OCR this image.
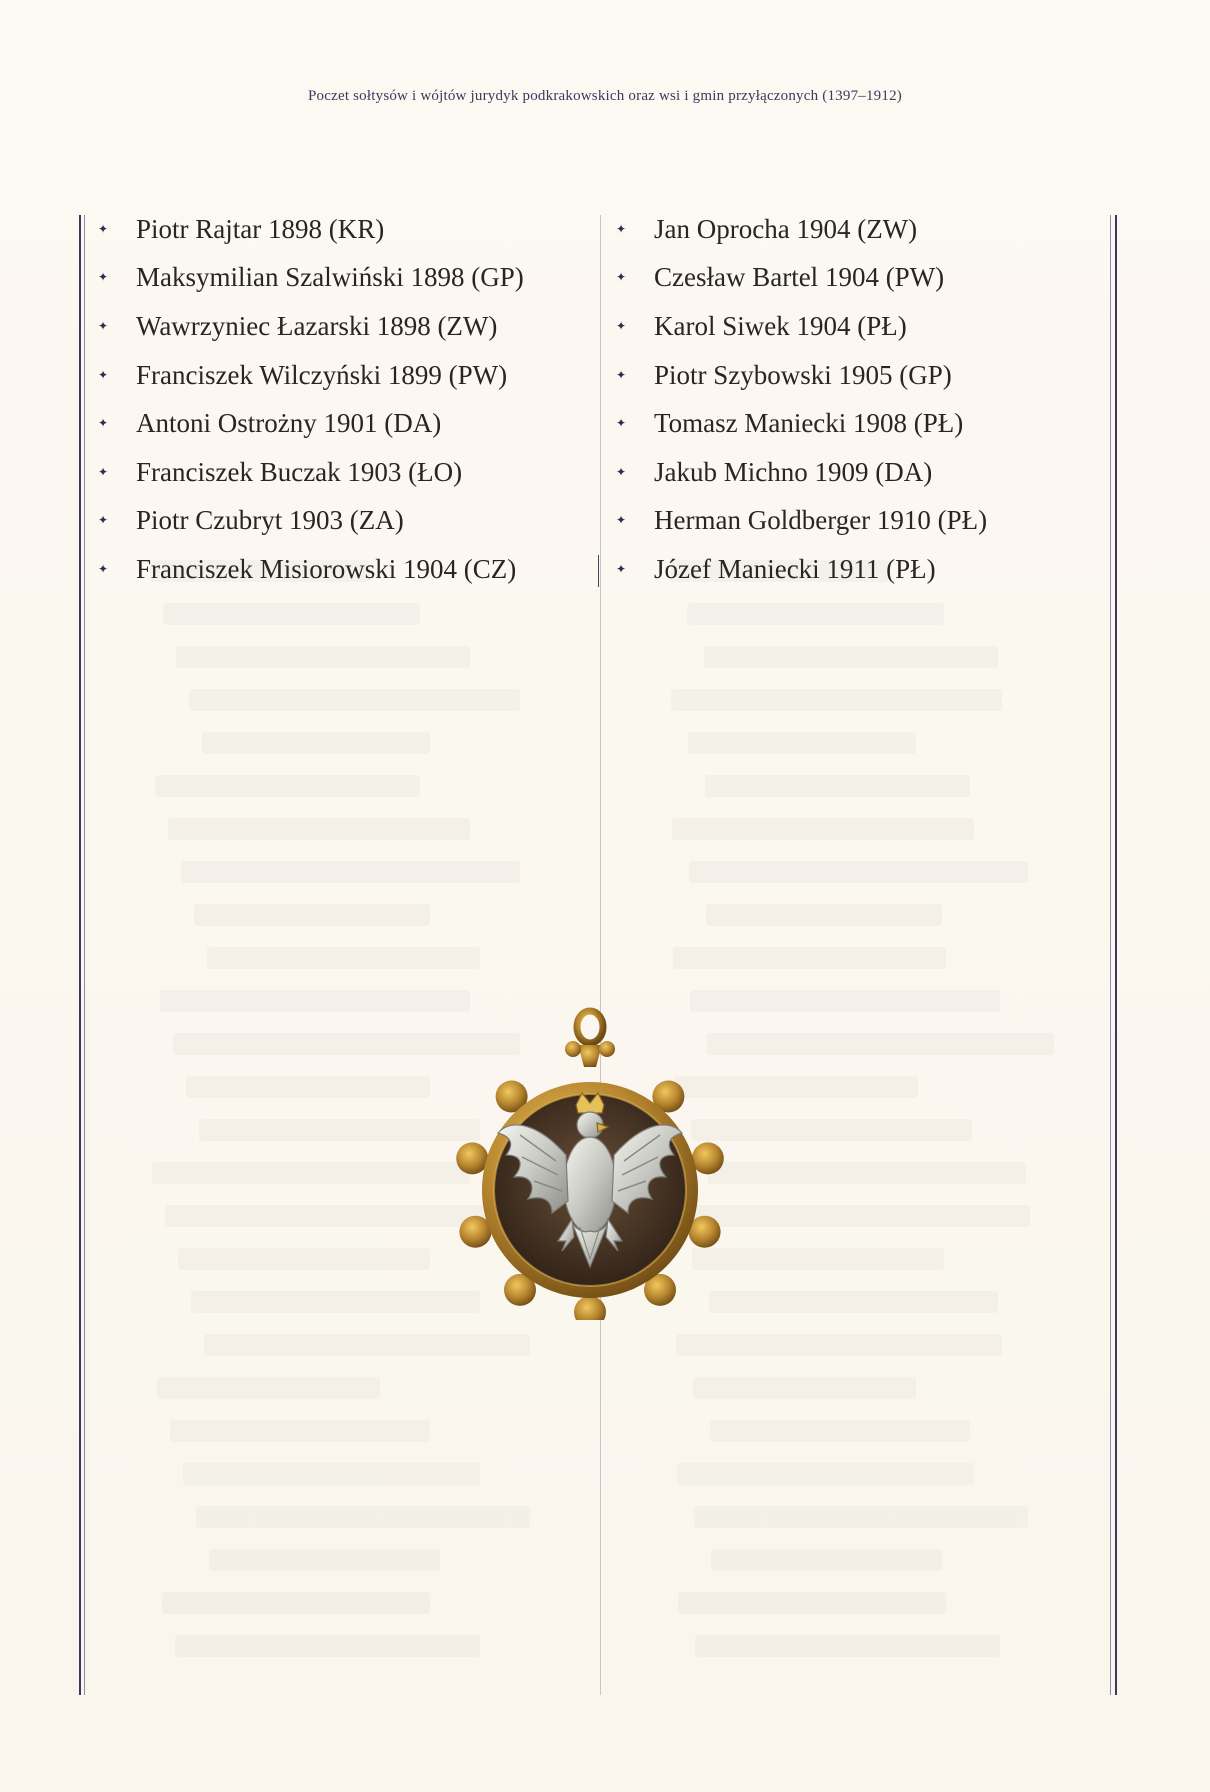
Poczet sołtysów i wójtów jurydyk podkrakowskich oraz wsi i gmin przyłączonych (1397–1912)
✦	Piotr Rajtar 1898 (KR)
✦	Maksymilian Szalwiński 1898 (GP)
✦	Wawrzyniec Łazarski 1898 (ZW)
✦	Franciszek Wilczyński 1899 (PW)
✦	Antoni Ostrożny 1901 (DA)
✦	Franciszek Buczak 1903 (ŁO)
✦	Piotr Czubryt 1903 (ZA)
✦	Franciszek Misiorowski 1904 (CZ)
✦	Jan Oprocha 1904 (ZW)
✦	Czesław Bartel 1904 (PW)
✦	Karol Siwek 1904 (PŁ)
✦	Piotr Szybowski 1905 (GP)
✦	Tomasz Maniecki 1908 (PŁ)
✦	Jakub Michno 1909 (DA)
✦	Herman Goldberger 1910 (PŁ)
✦	Józef Maniecki 1911 (PŁ)
